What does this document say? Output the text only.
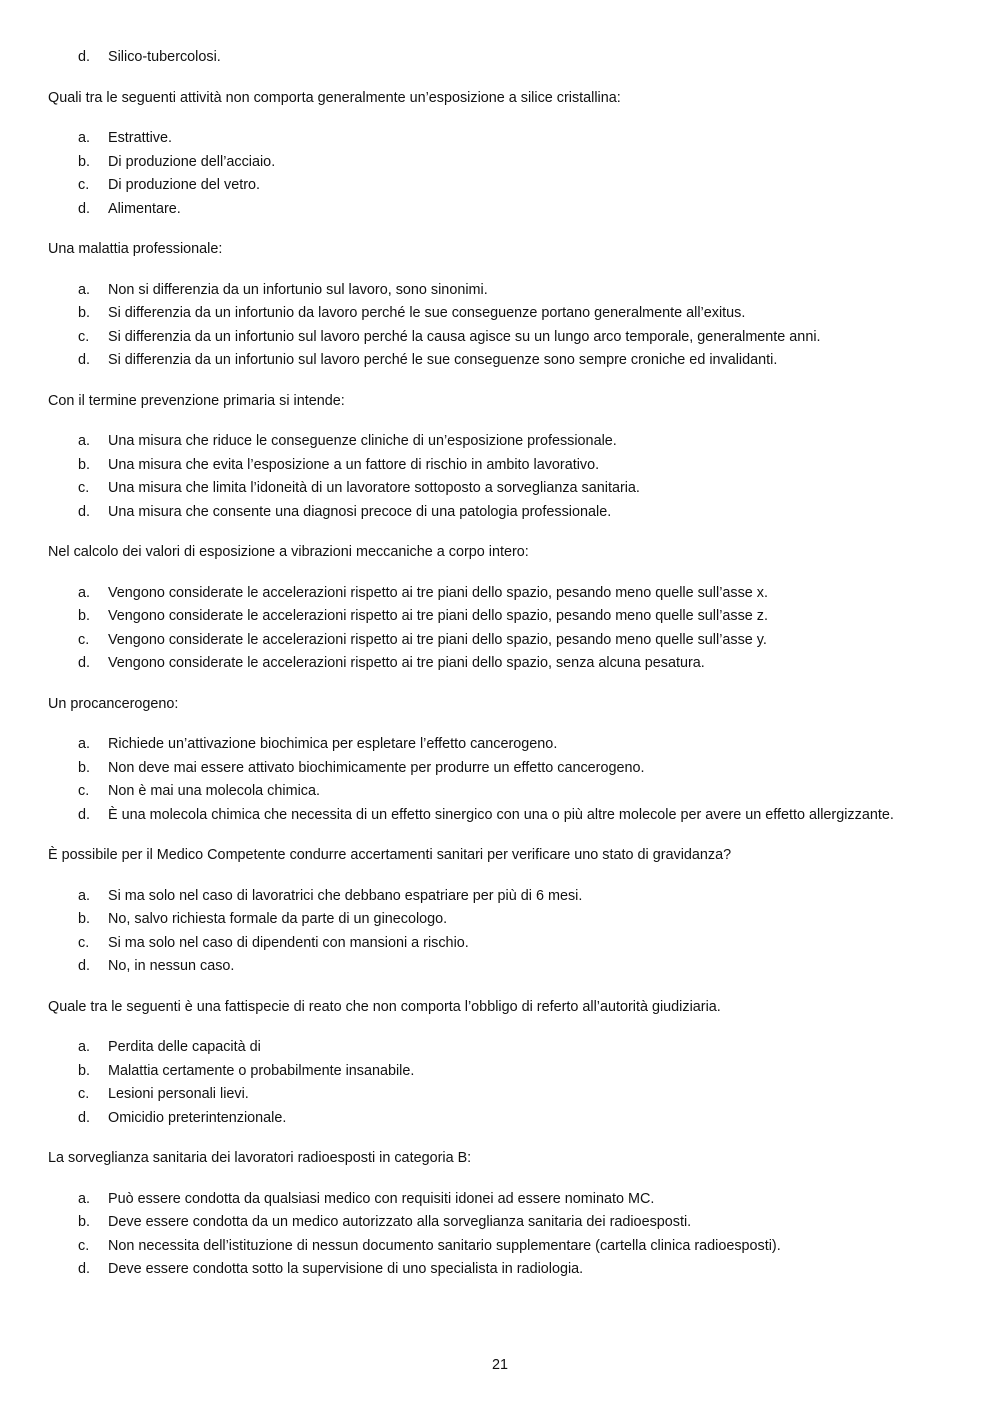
d.	Silico-tubercolosi.
Quali tra le seguenti attività non comporta generalmente un’esposizione a silice cristallina:
a.	Estrattive.
b.	Di produzione dell’acciaio.
c.	Di produzione del vetro.
d.	Alimentare.
Una malattia professionale:
a.	Non si differenzia da un infortunio sul lavoro, sono sinonimi.
b.	Si differenzia da un infortunio da lavoro perché le sue conseguenze portano generalmente all’exitus.
c.	Si differenzia da un infortunio sul lavoro perché la causa agisce su un lungo arco temporale, generalmente anni.
d.	Si differenzia da un infortunio sul lavoro perché le sue conseguenze sono sempre croniche ed invalidanti.
Con il termine prevenzione primaria si intende:
a.	Una misura che riduce le conseguenze cliniche di un’esposizione professionale.
b.	Una misura che evita l’esposizione a un fattore di rischio in ambito lavorativo.
c.	Una misura che limita l’idoneità di un lavoratore sottoposto a sorveglianza sanitaria.
d.	Una misura che consente una diagnosi precoce di una patologia professionale.
Nel calcolo dei valori di esposizione a vibrazioni meccaniche a corpo intero:
a.	Vengono considerate le accelerazioni rispetto ai tre piani dello spazio, pesando meno quelle sull’asse x.
b.	Vengono considerate le accelerazioni rispetto ai tre piani dello spazio, pesando meno quelle sull’asse z.
c.	Vengono considerate le accelerazioni rispetto ai tre piani dello spazio, pesando meno quelle sull’asse y.
d.	Vengono considerate le accelerazioni rispetto ai tre piani dello spazio, senza alcuna pesatura.
Un procancerogeno:
a.	Richiede un’attivazione biochimica per espletare l’effetto cancerogeno.
b.	Non deve mai essere attivato biochimicamente per produrre un effetto cancerogeno.
c.	Non è mai una molecola chimica.
d.	È una molecola chimica che necessita di un effetto sinergico con una o più altre molecole per avere un effetto allergizzante.
È possibile per il Medico Competente condurre accertamenti sanitari per verificare uno stato di gravidanza?
a.	Si ma solo nel caso di lavoratrici che debbano espatriare per più di 6 mesi.
b.	No, salvo richiesta formale da parte di un ginecologo.
c.	Si ma solo nel caso di dipendenti con mansioni a rischio.
d.	No, in nessun caso.
Quale tra le seguenti è una fattispecie di reato che non comporta l’obbligo di referto all’autorità giudiziaria.
a.	Perdita delle capacità di
b.	Malattia certamente o probabilmente insanabile.
c.	Lesioni personali lievi.
d.	Omicidio preterintenzionale.
La sorveglianza sanitaria dei lavoratori radioesposti in categoria B:
a.	Può essere condotta da qualsiasi medico con requisiti idonei ad essere nominato MC.
b.	Deve essere condotta da un medico autorizzato alla sorveglianza sanitaria dei radioesposti.
c.	Non necessita dell’istituzione di nessun documento sanitario supplementare (cartella clinica radioesposti).
d.	Deve essere condotta sotto la supervisione di uno specialista in radiologia.
21
